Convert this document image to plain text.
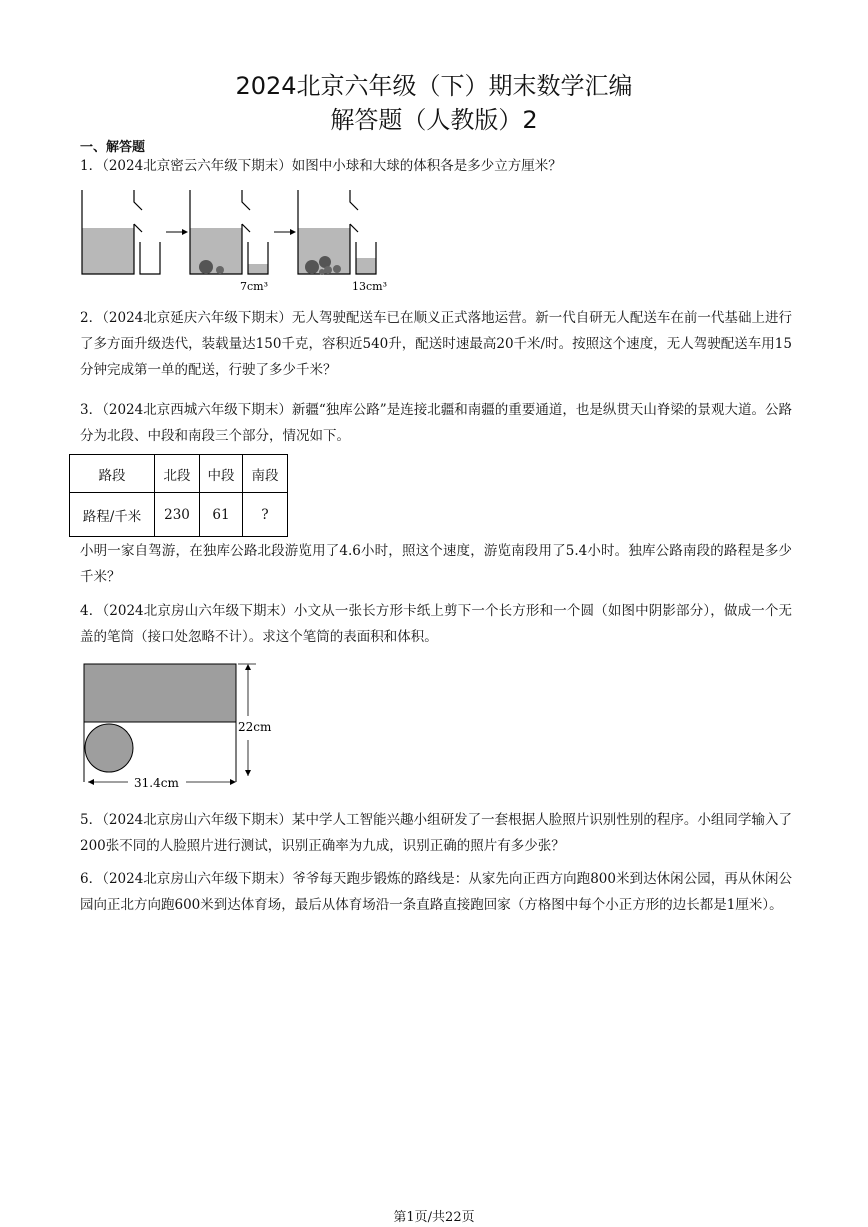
2024北京六年级（下）期末数学汇编
解答题（人教版）2
一、解答题
1．（2024北京密云六年级下期末）如图中小球和大球的体积各是多少立方厘米？
7cm³	13cm³
2．（2024北京延庆六年级下期末）无人驾驶配送车已在顺义正式落地运营。新一代自研无人配送车在前一代基础上进行了多方面升级迭代，装载量达150千克，容积近540升，配送时速最高20千米/时。按照这个速度，无人驾驶配送车用15分钟完成第一单的配送，行驶了多少千米？
3．（2024北京西城六年级下期末）新疆“独库公路”是连接北疆和南疆的重要通道，也是纵贯天山脊梁的景观大道。公路分为北段、中段和南段三个部分，情况如下。
路段	北段	中段	南段
路程/千米	230	61	?
小明一家自驾游，在独库公路北段游览用了4.6小时，照这个速度，游览南段用了5.4小时。独库公路南段的路程是多少千米？
4．（2024北京房山六年级下期末）小文从一张长方形卡纸上剪下一个长方形和一个圆（如图中阴影部分），做成一个无盖的笔筒（接口处忽略不计）。求这个笔筒的表面积和体积。
22cm
31.4cm
5．（2024北京房山六年级下期末）某中学人工智能兴趣小组研发了一套根据人脸照片识别性别的程序。小组同学输入了200张不同的人脸照片进行测试，识别正确率为九成，识别正确的照片有多少张？
6．（2024北京房山六年级下期末）爷爷每天跑步锻炼的路线是：从家先向正西方向跑800米到达休闲公园，再从休闲公园向正北方向跑600米到达体育场，最后从体育场沿一条直路直接跑回家（方格图中每个小正方形的边长都是1厘米）。
第1页/共22页
